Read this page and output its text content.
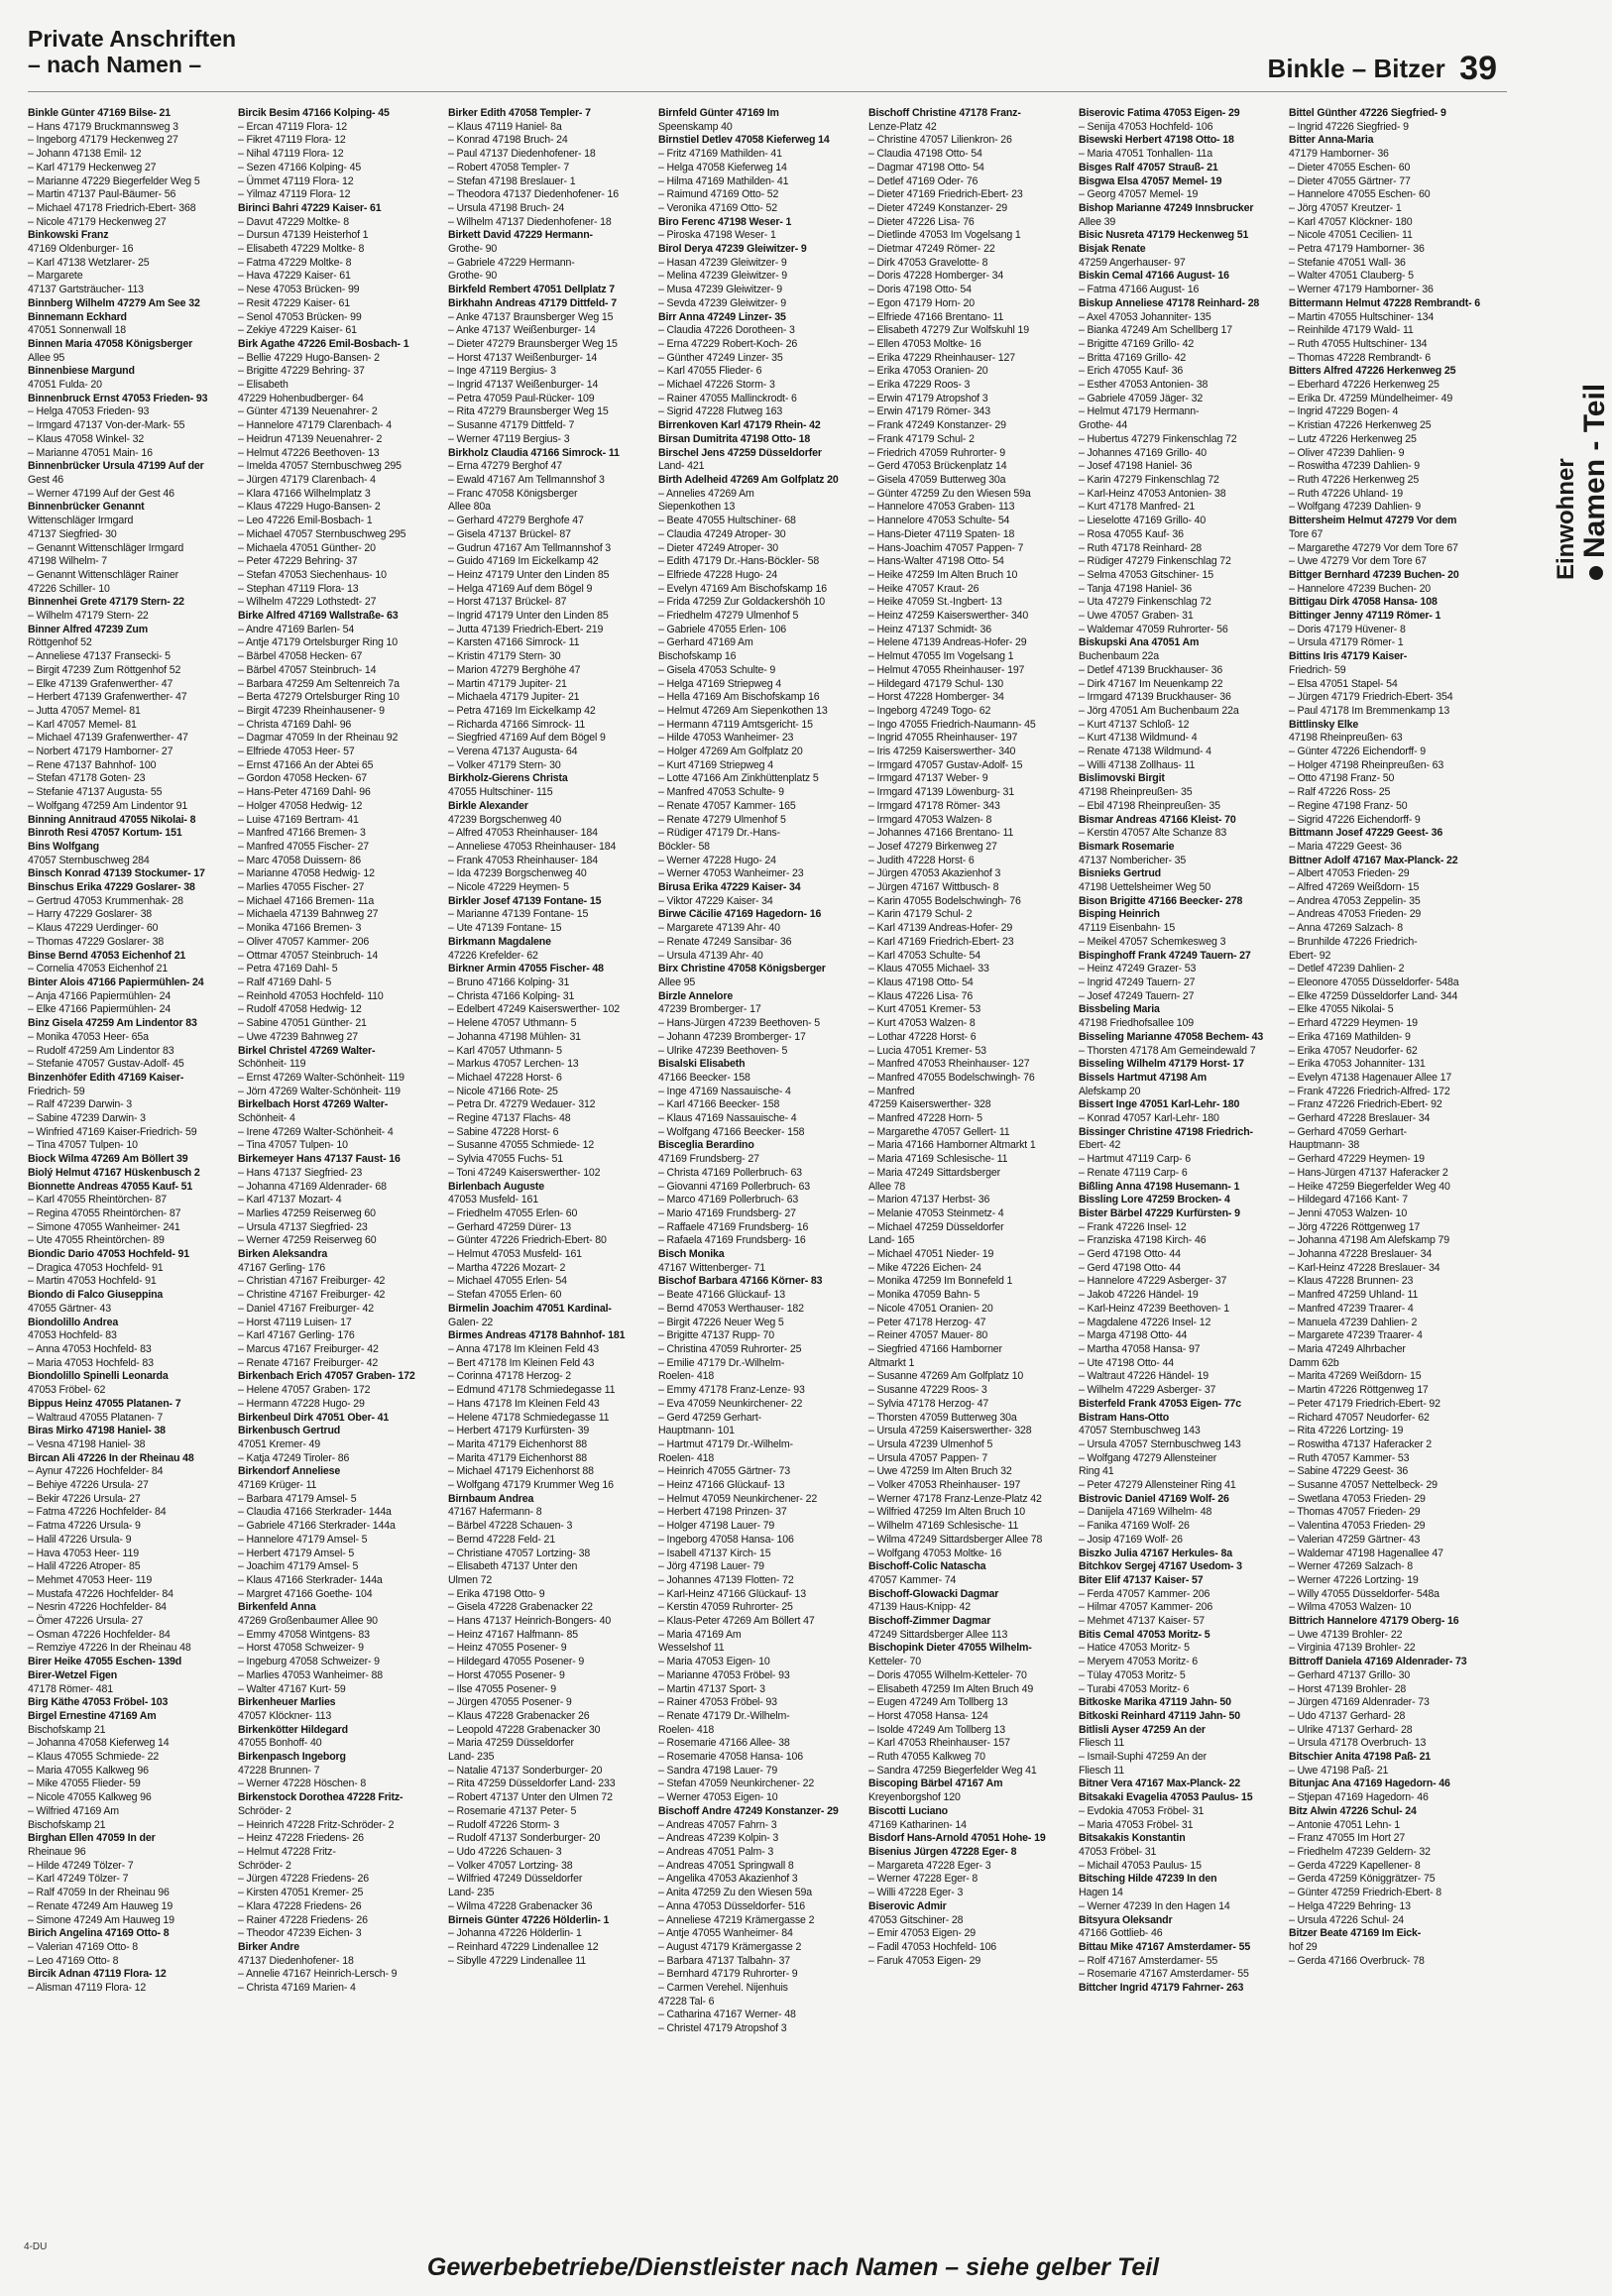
Private Anschriften
– nach Namen –	Binkle – Bitzer 39
Einwohner Namen - Teil
Binkle Günter 47169 Bilse- 21
– Hans 47179 Bruckmannsweg 3
– Ingeborg 47179 Heckenweg 27
– Johann 47138 Emil- 12
– Karl 47179 Heckenweg 27
– Marianne 47229 Biegerfelder Weg 5
– Martin 47137 Paul-Bäumer- 56
– Michael 47178 Friedrich-Ebert- 368
– Nicole 47179 Heckenweg 27
Binkowski Franz
47169 Oldenburger- 16
– Karl 47138 Wetzlarer- 25
– Margarete
47137 Gartsträucher- 113
Binnberg Wilhelm 47279 Am See 32
Binnemann Eckhard
47051 Sonnenwall 18
Binnen Maria 47058 Königsberger
Allee 95
Binnenbiese Margund
47051 Fulda- 20
Binnenbruck Ernst 47053 Frieden- 93
– Helga 47053 Frieden- 93
– Irmgard 47137 Von-der-Mark- 55
– Klaus 47058 Winkel- 32
– Marianne 47051 Main- 16
Binnenbrücker Ursula 47199 Auf der
Gest 46
– Werner 47199 Auf der Gest 46
Binnenbrücker Genannt
Wittenschläger Irmgard
47137 Siegfried- 30
– Genannt Wittenschläger Irmgard
47198 Wilhelm- 7
– Genannt Wittenschläger Rainer
47226 Schiller- 10
Binnenhei Grete 47179 Stern- 22
– Wilhelm 47179 Stern- 22
Binner Alfred 47239 Zum
Röttgenhof 52
– Anneliese 47137 Franseckі- 5
– Birgit 47239 Zum Röttgenhof 52
– Elke 47139 Grafenwerther- 47
– Herbert 47139 Grafenwerther- 47
– Jutta 47057 Memel- 81
– Karl 47057 Memel- 81
– Michael 47139 Grafenwerther- 47
– Norbert 47179 Hamborner- 27
– Rene 47137 Bahnhof- 100
– Stefan 47178 Goten- 23
– Stefanie 47137 Augusta- 55
– Wolfgang 47259 Am Lindentor 91
Binning Annitraud 47055 Nikolai- 8
Binroth Resi 47057 Kortum- 151
Bins Wolfgang
47057 Sternbuschweg 284
Binsch Konrad 47139 Stockumer- 17
Binschus Erika 47229 Goslarer- 38
– Gertrud 47053 Krummenhak- 28
– Harry 47229 Goslarer- 38
– Klaus 47229 Uerdinger- 60
– Thomas 47229 Goslarer- 38
Binse Bernd 47053 Eichenhof 21
– Cornelia 47053 Eichenhof 21
Binter Alois 47166 Papiermühlen- 24
– Anja 47166 Papiermühlen- 24
– Elke 47166 Papiermühlen- 24
Binz Gisela 47259 Am Lindentor 83
– Monika 47053 Heer- 65a
– Rudolf 47259 Am Lindentor 83
– Stefanie 47057 Gustav-Adolf- 45
Binzenhöfer Edith 47169 Kaiser-
Friedrich- 59
– Ralf 47239 Darwin- 3
– Sabine 47239 Darwin- 3
– Winfried 47169 Kaiser-Friedrich- 59
– Tina 47057 Tulpen- 10
Biock Wilma 47269 Am Böllert 39
Biolý Helmut 47167 Hüskenbusch 2
Bionnette Andreas 47055 Kauf- 51
– Karl 47055 Rheintörchen- 87
– Regina 47055 Rheintörchen- 87
– Simone 47055 Wanheimer- 241
– Ute 47055 Rheintörchen- 89
Biondic Dario 47053 Hochfeld- 91
– Dragica 47053 Hochfeld- 91
– Martin 47053 Hochfeld- 91
Biondo di Falco Giuseppina
47055 Gärtner- 43
Biondolillo Andrea
47053 Hochfeld- 83
– Anna 47053 Hochfeld- 83
– Maria 47053 Hochfeld- 83
Biondolillo Spinelli Leonarda
47053 Fröbel- 62
Bippus Heinz 47055 Platanen- 7
– Waltraud 47055 Platanen- 7
Biras Mirko 47198 Haniel- 38
– Vesna 47198 Haniel- 38
Bircan Ali 47226 In der Rheinau 48
– Aynur 47226 Hochfelder- 84
– Behiye 47226 Ursula- 27
– Bekir 47226 Ursula- 27
– Fatma 47226 Hochfelder- 84
– Fatma 47226 Ursula- 9
– Halil 47226 Ursula- 9
– Hava 47053 Heer- 119
– Halil 47226 Atroper- 85
– Mehmet 47053 Heer- 119
– Mustafa 47226 Hochfelder- 84
– Nesrin 47226 Hochfelder- 84
– Ömer 47226 Ursula- 27
– Osman 47226 Hochfelder- 84
– Remziye 47226 In der Rheinau 48
Birer Heike 47055 Eschen- 139d
Birer-Wetzel Figen
47178 Römer- 481
Birg Käthe 47053 Fröbel- 103
Birgel Ernestine 47169 Am
Bischofskamp 21
– Johanna 47058 Kieferweg 14
– Klaus 47055 Schmiede- 22
– Maria 47055 Kalkweg 96
– Mike 47055 Flieder- 59
– Nicole 47055 Kalkweg 96
– Wilfried 47169 Am
Bischofskamp 21
Birghan Ellen 47059 In der
Rheinaue 96
– Hilde 47249 Tölzer- 7
– Karl 47249 Tölzer- 7
– Ralf 47059 In der Rheinau 96
– Renate 47249 Am Hauweg 19
– Simone 47249 Am Hauweg 19
Birich Angelina 47169 Otto- 8
– Valerian 47169 Otto- 8
– Leo 47169 Otto- 8
Bircik Adnan 47119 Flora- 12
– Alisman 47119 Flora- 12
Bircik Besim 47166 Kolping- 45
– Ercan 47119 Flora- 12
– Fikret 47119 Flora- 12
– Nihal 47119 Flora- 12
– Sezen 47166 Kolping- 45
– Ümmet 47119 Flora- 12
– Yilmaz 47119 Flora- 12
Birinci Bahri 47229 Kaiser- 61
– Davut 47229 Moltke- 8
– Dursun 47139 Heisterhof 1
– Elisabeth 47229 Moltke- 8
– Fatma 47229 Moltke- 8
– Hava 47229 Kaiser- 61
– Nese 47053 Brücken- 99
– Resit 47229 Kaiser- 61
– Senol 47053 Brücken- 99
– Zekiye 47229 Kaiser- 61
Birk Agathe 47226 Emil-Bosbach- 1
– Bellie 47229 Hugo-Bansen- 2
– Brigitte 47229 Behring- 37
– Elisabeth
47229 Hohenbudberger- 64
– Günter 47139 Neuenahrer- 2
– Hannelore 47179 Clarenbach- 4
– Heidrun 47139 Neuenahrer- 2
– Helmut 47226 Beethoven- 13
– Imelda 47057 Sternbuschweg 295
– Jürgen 47179 Clarenbach- 4
– Klara 47166 Wilhelmplatz 3
– Klaus 47229 Hugo-Bansen- 2
– Leo 47226 Emil-Bosbach- 1
– Michael 47057 Sternbuschweg 295
– Michaela 47051 Günther- 20
– Peter 47229 Behring- 37
– Stefan 47053 Siechenhaus- 10
– Stephan 47119 Flora- 13
– Wilhelm 47229 Lothstedt- 27
Birke Alfred 47169 Wallstraße- 63
– Andre 47169 Barlen- 54
– Antje 47179 Ortelsburger Ring 10
– Bärbel 47058 Hecken- 67
– Bärbel 47057 Steinbruch- 14
– Barbara 47259 Am Seltenreich 7a
– Berta 47279 Ortelsburger Ring 10
– Birgit 47239 Rheinhausener- 9
– Christa 47169 Dahl- 96
– Dagmar 47059 In der Rheinau 92
– Elfriede 47053 Heer- 57
– Ernst 47166 An der Abtei 65
– Gordon 47058 Hecken- 67
– Hans-Peter 47169 Dahl- 96
– Holger 47058 Hedwig- 12
– Luise 47169 Bertram- 41
– Manfred 47166 Bremen- 3
– Manfred 47055 Fischer- 27
– Marc 47058 Duissern- 86
– Marianne 47058 Hedwig- 12
– Marlies 47055 Fischer- 27
– Michael 47166 Bremen- 11a
– Michaela 47139 Bahnweg 27
– Monika 47166 Bremen- 3
– Oliver 47057 Kammer- 206
– Ottmar 47057 Steinbruch- 14
– Petra 47169 Dahl- 5
– Ralf 47169 Dahl- 5
– Reinhold 47053 Hochfeld- 110
– Rudolf 47058 Hedwig- 12
– Sabine 47051 Günther- 21
– Uwe 47239 Bahnweg 27
Birkel Christel 47269 Walter-
Schönheit- 119
– Ernst 47269 Walter-Schönheit- 119
– Jörn 47269 Walter-Schönheit- 119
Birkelbach Horst 47269 Walter-
Schönheit- 4
– Irene 47269 Walter-Schönheit- 4
– Tina 47057 Tulpen- 10
Birkemeyer Hans 47137 Faust- 16
– Hans 47137 Siegfried- 23
– Johanna 47169 Aldenrader- 68
– Karl 47137 Mozart- 4
– Marlies 47259 Reiserweg 60
– Ursula 47137 Siegfried- 23
– Werner 47259 Reiserweg 60
Birken Aleksandra
47167 Gerling- 176
– Christian 47167 Freiburger- 42
– Christine 47167 Freiburger- 42
– Daniel 47167 Freiburger- 42
– Horst 47119 Luisen- 17
– Karl 47167 Gerling- 176
– Marcus 47167 Freiburger- 42
– Renate 47167 Freiburger- 42
Birkenbach Erich 47057 Graben- 172
– Helene 47057 Graben- 172
– Hermann 47228 Hugo- 29
Birkenbeul Dirk 47051 Ober- 41
Birkenbusch Gertrud
47051 Kremer- 49
– Katja 47249 Tiroler- 86
Birkendorf Anneliese
47169 Krüger- 11
– Barbara 47179 Amsel- 5
– Claudia 47166 Sterkrader- 144a
– Gabriele 47166 Sterkrader- 144a
– Hannelore 47179 Amsel- 5
– Herbert 47179 Amsel- 5
– Joachim 47179 Amsel- 5
– Klaus 47166 Sterkrader- 144a
– Margret 47166 Goethe- 104
Birkenfeld Anna
47269 Großenbaumer Allee 90
– Emmy 47058 Wintgens- 83
– Horst 47058 Schweizer- 9
– Ingeburg 47058 Schweizer- 9
– Marlies 47053 Wanheimer- 88
– Walter 47167 Kurt- 59
Birkenheuer Marlies
47057 Klöckner- 113
Birkenkötter Hildegard
47055 Bonhoff- 40
Birkenpasch Ingeborg
47228 Brunnen- 7
– Werner 47228 Höschen- 8
Birkenstock Dorothea 47228 Fritz-
Schröder- 2
– Heinrich 47228 Fritz-Schröder- 2
– Heinz 47228 Friedens- 26
– Helmut 47228 Fritz-
Schröder- 2
– Jürgen 47228 Friedens- 26
– Kirsten 47051 Kremer- 25
– Klara 47228 Friedens- 26
– Rainer 47228 Friedens- 26
– Theodor 47239 Eichen- 3
Birker Andre
47137 Diedenhofener- 18
– Annelie 47167 Heinrich-Lersch- 9
– Christa 47169 Marien- 4
Birker Edith 47058 Templer- 7
– Klaus 47119 Haniel- 8a
– Konrad 47198 Bruch- 24
– Paul 47137 Diedenhofener- 18
– Robert 47058 Templer- 7
– Stefan 47198 Breslauer- 1
– Theodora 47137 Diedenhofener- 16
– Ursula 47198 Bruch- 24
– Wilhelm 47137 Diedenhofener- 18
Birkett David 47229 Hermann-
Grothe- 90
– Gabriele 47229 Hermann-
Grothe- 90
Birkfeld Rembert 47051 Dellplatz 7
Birkhahn Andreas 47179 Dittfeld- 7
– Anke 47137 Braunsberger Weg 15
– Anke 47137 Weißenburger- 14
– Dieter 47279 Braunsberger Weg 15
– Horst 47137 Weißenburger- 14
– Inge 47119 Bergius- 3
– Ingrid 47137 Weißenburger- 14
– Petra 47059 Paul-Rücker- 109
– Rita 47279 Braunsberger Weg 15
– Susanne 47179 Dittfeld- 7
– Werner 47119 Bergius- 3
Birkholz Claudia 47166 Simrock- 11
– Erna 47279 Berghof 47
– Ewald 47167 Am Tellmannshof 3
– Franc 47058 Königsberger
Allee 80a
– Gerhard 47279 Berghofe 47
– Gisela 47137 Brückel- 87
– Gudrun 47167 Am Tellmannshof 3
– Guido 47169 Im Eickelkamp 42
– Heinz 47179 Unter den Linden 85
– Helga 47169 Auf dem Bögel 9
– Horst 47137 Brückel- 87
– Ingrid 47179 Unter den Linden 85
– Jutta 47139 Friedrich-Ebert- 219
– Karsten 47166 Simrock- 11
– Kristin 47179 Stern- 30
– Marion 47279 Berghöhe 47
– Martin 47179 Jupiter- 21
– Michaela 47179 Jupiter- 21
– Petra 47169 Im Eickelkamp 42
– Richarda 47166 Simrock- 11
– Siegfried 47169 Auf dem Bögel 9
– Verena 47137 Augusta- 64
– Volker 47179 Stern- 30
Birkholz-Gierens Christa
47055 Hultschiner- 115
Birkle Alexander
47239 Borgschenweg 40
– Alfred 47053 Rheinhauser- 184
– Anneliese 47053 Rheinhauser- 184
– Frank 47053 Rheinhauser- 184
– Ida 47239 Borgschenweg 40
– Nicole 47229 Heymen- 5
Birkler Josef 47139 Fontane- 15
– Marianne 47139 Fontane- 15
– Ute 47139 Fontane- 15
Birkmann Magdalene
47226 Krefelder- 62
Birkner Armin 47055 Fischer- 48
– Bruno 47166 Kolping- 31
– Christa 47166 Kolping- 31
– Edelbert 47249 Kaiserswerther- 102
– Helene 47057 Uthmann- 5
– Johanna 47198 Mühlen- 31
– Karl 47057 Uthmann- 5
– Markus 47057 Lerchen- 13
– Michael 47228 Horst- 6
– Nicole 47166 Rote- 25
– Petra Dr. 47279 Wedauer- 312
– Regine 47137 Flachs- 48
– Sabine 47228 Horst- 6
– Susanne 47055 Schmiede- 12
– Sylvia 47055 Fuchs- 51
– Toni 47249 Kaiserswerther- 102
Birlenbach Auguste
47053 Musfeld- 161
– Friedhelm 47055 Erlen- 60
– Gerhard 47259 Dürer- 13
– Günter 47226 Friedrich-Ebert- 80
– Helmut 47053 Musfeld- 161
– Martha 47226 Mozart- 2
– Michael 47055 Erlen- 54
– Stefan 47055 Erlen- 60
Birmelin Joachim 47051 Kardinal-
Galen- 22
Birmes Andreas 47178 Bahnhof- 181
– Anna 47178 Im Kleinen Feld 43
– Bert 47178 Im Kleinen Feld 43
– Corinna 47178 Herzog- 2
– Edmund 47178 Schmiedegasse 11
– Hans 47178 Im Kleinen Feld 43
– Helene 47178 Schmiedegasse 11
– Herbert 47179 Kurfürsten- 39
– Marita 47179 Eichenhorst 88
– Marita 47179 Eichenhorst 88
– Michael 47179 Eichenhorst 88
– Wolfgang 47179 Krummer Weg 16
Birnbaum Andrea
47167 Hafermann- 8
– Bärbel 47228 Schauen- 3
– Bernd 47228 Feld- 21
– Christiane 47057 Lortzing- 38
– Elisabeth 47137 Unter den
Ulmen 72
– Erika 47198 Otto- 9
– Gisela 47228 Grabenacker 22
– Hans 47137 Heinrich-Bongers- 40
– Heinz 47167 Halfmann- 85
– Heinz 47055 Posener- 9
– Hildegard 47055 Posener- 9
– Horst 47055 Posener- 9
– Ilse 47055 Posener- 9
– Jürgen 47055 Posener- 9
– Klaus 47228 Grabenacker 26
– Leopold 47228 Grabenacker 30
– Maria 47259 Düsseldorfer
Land- 235
– Natalie 47137 Sonderburger- 20
– Rita 47259 Düsseldorfer Land- 233
– Robert 47137 Unter den Ulmen 72
– Rosemarie 47137 Peter- 5
– Rudolf 47226 Storm- 3
– Rudolf 47137 Sonderburger- 20
– Udo 47226 Schauen- 3
– Volker 47057 Lortzing- 38
– Wilfried 47249 Düsseldorfer
Land- 235
– Wilma 47228 Grabenacker 36
Birneis Günter 47226 Hölderlin- 1
– Johanna 47226 Hölderlin- 1
– Reinhard 47229 Lindenallee 12
– Sibylle 47229 Lindenallee 11
Birnfeld Günter 47169 Im
Speenskamp 40
Birnstiel Detlev 47058 Kieferweg 14
– Fritz 47169 Mathilden- 41
– Helga 47058 Kieferweg 14
– Hilma 47169 Mathilden- 41
– Raimund 47169 Otto- 52
– Veronika 47169 Otto- 52
Biro Ferenc 47198 Weser- 1
– Piroska 47198 Weser- 1
Birol Derya 47239 Gleiwitzer- 9
– Hasan 47239 Gleiwitzer- 9
– Melina 47239 Gleiwitzer- 9
– Musa 47239 Gleiwitzer- 9
– Sevda 47239 Gleiwitzer- 9
Birr Anna 47249 Linzer- 35
– Claudia 47226 Dorotheen- 3
– Erna 47229 Robert-Koch- 26
– Günther 47249 Linzer- 35
– Karl 47055 Flieder- 6
– Michael 47226 Storm- 3
– Rainer 47055 Mallinckrodt- 6
– Sigrid 47228 Flutweg 163
Birrenkoven Karl 47179 Rhein- 42
Birsan Dumitrita 47198 Otto- 18
Birschel Jens 47259 Düsseldorfer
Land- 421
Birth Adelheid 47269 Am Golfplatz 20
– Annelies 47269 Am
Siepenkothen 13
– Beate 47055 Hultschiner- 68
– Claudia 47249 Atroper- 30
– Dieter 47249 Atroper- 30
– Edith 47179 Dr.-Hans-Böckler- 58
– Elfriede 47228 Hugo- 24
– Evelyn 47169 Am Bischofskamp 16
– Frida 47259 Zur Goldackershöh 10
– Friedhelm 47279 Ulmenhof 5
– Gabriele 47055 Erlen- 106
– Gerhard 47169 Am
Bischofskamp 16
– Gisela 47053 Schulte- 9
– Helga 47169 Striepweg 4
– Hella 47169 Am Bischofskamp 16
– Helmut 47269 Am Siepenkothen 13
– Hermann 47119 Amtsgericht- 15
– Hilde 47053 Wanheimer- 23
– Holger 47269 Am Golfplatz 20
– Kurt 47169 Striepweg 4
– Lotte 47166 Am Zinkhüttenplatz 5
– Manfred 47053 Schulte- 9
– Renate 47057 Kammer- 165
– Renate 47279 Ulmenhof 5
– Rüdiger 47179 Dr.-Hans-
Böckler- 58
– Werner 47228 Hugo- 24
– Werner 47053 Wanheimer- 23
Birusa Erika 47229 Kaiser- 34
– Viktor 47229 Kaiser- 34
Birwe Cäcilie 47169 Hagedorn- 16
– Margarete 47139 Ahr- 40
– Renate 47249 Sansibar- 36
– Ursula 47139 Ahr- 40
Birx Christine 47058 Königsberger
Allee 95
Birzle Annelore
47239 Bromberger- 17
– Hans-Jürgen 47239 Beethoven- 5
– Johann 47239 Bromberger- 17
– Ulrike 47239 Beethoven- 5
Bisalski Elisabeth
47166 Beecker- 158
– Inge 47169 Nassauische- 4
– Karl 47166 Beecker- 158
– Klaus 47169 Nassauische- 4
– Wolfgang 47166 Beecker- 158
Bisceglia Berardino
47169 Frundsberg- 27
– Christa 47169 Pollerbruch- 63
– Giovanni 47169 Pollerbruch- 63
– Marco 47169 Pollerbruch- 63
– Mario 47169 Frundsberg- 27
– Raffaele 47169 Frundsberg- 16
– Rafaela 47169 Frundsberg- 16
Bisch Monika
47167 Wittenberger- 71
Bischof Barbara 47166 Körner- 83
– Beate 47166 Glückauf- 13
– Bernd 47053 Werthauser- 182
– Birgit 47226 Neuer Weg 5
– Brigitte 47137 Rupp- 70
– Christina 47059 Ruhrorter- 25
– Emilie 47179 Dr.-Wilhelm-
Roelen- 418
– Emmy 47178 Franz-Lenze- 93
– Eva 47059 Neunkirchener- 22
– Gerd 47259 Gerhart-
Hauptmann- 101
– Hartmut 47179 Dr.-Wilhelm-
Roelen- 418
– Heinrich 47055 Gärtner- 73
– Heinz 47166 Glückauf- 13
– Helmut 47059 Neunkirchener- 22
– Herbert 47198 Prinzen- 37
– Holger 47198 Lauer- 79
– Ingeborg 47058 Hansa- 106
– Isabell 47137 Kirch- 15
– Jörg 47198 Lauer- 79
– Johannes 47139 Flotten- 72
– Karl-Heinz 47166 Glückauf- 13
– Kerstin 47059 Ruhrorter- 25
– Klaus-Peter 47269 Am Böllert 47
– Maria 47169 Am
Wesselshof 11
– Maria 47053 Eigen- 10
– Marianne 47053 Fröbel- 93
– Martin 47137 Sport- 3
– Rainer 47053 Fröbel- 93
– Renate 47179 Dr.-Wilhelm-
Roelen- 418
– Rosemarie 47166 Allee- 38
– Rosemarie 47058 Hansa- 106
– Sandra 47198 Lauer- 79
– Stefan 47059 Neunkirchener- 22
– Werner 47053 Eigen- 10
Bischoff Andre 47249 Konstanzer- 29
– Andreas 47057 Fahrn- 3
– Andreas 47239 Kolpin- 3
– Andreas 47051 Palm- 3
– Andreas 47051 Springwall 8
– Angelika 47053 Akazienhof 3
– Anita 47259 Zu den Wiesen 59a
– Anna 47053 Düsseldorfer- 516
– Anneliese 47219 Krämergasse 2
– Antje 47055 Wanheimer- 84
– August 47179 Krämergasse 2
– Barbara 47137 Talbahn- 37
– Bernhard 47179 Ruhrorter- 9
– Carmen Verehel. Nijenhuis
47228 Tal- 6
– Catharina 47167 Werner- 48
– Christel 47179 Atropshof 3
Bischoff Christine 47178 Franz-
Lenze-Platz 42
– Christine 47057 Lilienkron- 26
– Claudia 47198 Otto- 54
– Dagmar 47198 Otto- 54
– Detlef 47169 Oder- 76
– Dieter 47169 Friedrich-Ebert- 23
– Dieter 47249 Konstanzer- 29
– Dieter 47226 Lisa- 76
– Dietlinde 47053 Im Vogelsang 1
– Dietmar 47249 Römer- 22
– Dirk 47053 Gravelotte- 8
– Doris 47228 Homberger- 34
– Doris 47198 Otto- 54
– Egon 47179 Horn- 20
– Elfriede 47166 Brentano- 11
– Elisabeth 47279 Zur Wolfskuhl 19
– Ellen 47053 Moltke- 16
– Erika 47229 Rheinhauser- 127
– Erika 47053 Oranien- 20
– Erika 47229 Roos- 3
– Erwin 47179 Atropshof 3
– Erwin 47179 Römer- 343
– Frank 47249 Konstanzer- 29
– Frank 47179 Schul- 2
– Friedrich 47059 Ruhrorter- 9
– Gerd 47053 Brückenplatz 14
– Gisela 47059 Butterweg 30a
– Günter 47259 Zu den Wiesen 59a
– Hannelore 47053 Graben- 113
– Hannelore 47053 Schulte- 54
– Hans-Dieter 47119 Spaten- 18
– Hans-Joachim 47057 Pappen- 7
– Hans-Walter 47198 Otto- 54
– Heike 47259 Im Alten Bruch 10
– Heike 47057 Kraut- 26
– Heike 47059 St.-Ingbert- 13
– Heinz 47259 Kaiserswerther- 340
– Heinz 47137 Schmidt- 36
– Helene 47139 Andreas-Hofer- 29
– Helmut 47055 Im Vogelsang 1
– Helmut 47055 Rheinhauser- 197
– Hildegard 47179 Schul- 130
– Horst 47228 Homberger- 34
– Ingeborg 47249 Togo- 62
– Ingo 47055 Friedrich-Naumann- 45
– Ingrid 47055 Rheinhauser- 197
– Iris 47259 Kaiserswerther- 340
– Irmgard 47057 Gustav-Adolf- 15
– Irmgard 47137 Weber- 9
– Irmgard 47139 Löwenburg- 31
– Irmgard 47178 Römer- 343
– Irmgard 47053 Walzen- 8
– Johannes 47166 Brentano- 11
– Josef 47279 Birkenweg 27
– Judith 47228 Horst- 6
– Jürgen 47053 Akazienhof 3
– Jürgen 47167 Wittbusch- 8
– Karin 47055 Bodelschwingh- 76
– Karin 47179 Schul- 2
– Karl 47139 Andreas-Hofer- 29
– Karl 47169 Friedrich-Ebert- 23
– Karl 47053 Schulte- 54
– Klaus 47055 Michael- 33
– Klaus 47198 Otto- 54
– Klaus 47226 Lisa- 76
– Kurt 47051 Kremer- 53
– Kurt 47053 Walzen- 8
– Lothar 47228 Horst- 6
– Lucia 47051 Kremer- 53
– Manfred 47053 Rheinhauser- 127
– Manfred 47055 Bodelschwingh- 76
– Manfred
47259 Kaiserswerther- 328
– Manfred 47228 Horn- 5
– Margarethe 47057 Gellert- 11
– Maria 47166 Hamborner Altmarkt 1
– Maria 47169 Schlesische- 11
– Maria 47249 Sittardsberger
Allee 78
– Marion 47137 Herbst- 36
– Melanie 47053 Steinmetz- 4
– Michael 47259 Düsseldorfer
Land- 165
– Michael 47051 Nieder- 19
– Mike 47226 Eichen- 24
– Monika 47259 Im Bonnefeld 1
– Monika 47059 Bahn- 5
– Nicole 47051 Oranien- 20
– Peter 47178 Herzog- 47
– Reiner 47057 Mauer- 80
– Siegfried 47166 Hamborner
Altmarkt 1
– Susanne 47269 Am Golfplatz 10
– Susanne 47229 Roos- 3
– Sylvia 47178 Herzog- 47
– Thorsten 47059 Butterweg 30a
– Ursula 47259 Kaiserswerther- 328
– Ursula 47239 Ulmenhof 5
– Ursula 47057 Pappen- 7
– Uwe 47259 Im Alten Bruch 32
– Volker 47053 Rheinhauser- 197
– Werner 47178 Franz-Lenze-Platz 42
– Wilfried 47259 Im Alten Bruch 10
– Wilhelm 47169 Schlesische- 11
– Wilma 47249 Sittardsberger Allee 78
– Wolfgang 47053 Moltke- 16
Bischoff-Colic Natascha
47057 Kammer- 74
Bischoff-Glowacki Dagmar
47139 Haus-Knipp- 42
Bischoff-Zimmer Dagmar
47249 Sittardsberger Allee 113
Bischopink Dieter 47055 Wilhelm-
Ketteler- 70
– Doris 47055 Wilhelm-Ketteler- 70
– Elisabeth 47259 Im Alten Bruch 49
– Eugen 47249 Am Tollberg 13
– Horst 47058 Hansa- 124
– Isolde 47249 Am Tollberg 13
– Karl 47053 Rheinhauser- 157
– Ruth 47055 Kalkweg 70
– Sandra 47259 Biegerfelder Weg 41
Biscoping Bärbel 47167 Am
Kreyenborgshof 120
Biscotti Luciano
47169 Katharinen- 14
Bisdorf Hans-Arnold 47051 Hohe- 19
Bisenius Jürgen 47228 Eger- 8
– Margareta 47228 Eger- 3
– Werner 47228 Eger- 8
– Willi 47228 Eger- 3
Biserovic Admir
47053 Gitschiner- 28
– Emir 47053 Eigen- 29
– Fadil 47053 Hochfeld- 106
– Faruk 47053 Eigen- 29
Biserovic Fatima 47053 Eigen- 29
– Senija 47053 Hochfeld- 106
Bisewski Herbert 47198 Otto- 18
– Maria 47051 Tonhallen- 11a
Bisges Ralf 47057 Strauß- 21
Bisgwa Elsa 47057 Memel- 19
– Georg 47057 Memel- 19
Bishop Marianne 47249 Innsbrucker
Allee 39
Bisic Nusreta 47179 Heckenweg 51
Bisjak Renate
47259 Angerhauser- 97
Biskin Cemal 47166 August- 16
– Fatma 47166 August- 16
Biskup Anneliese 47178 Reinhard- 28
– Axel 47053 Johanniter- 135
– Bianka 47249 Am Schellberg 17
– Brigitte 47169 Grillo- 42
– Britta 47169 Grillo- 42
– Erich 47055 Kauf- 36
– Esther 47053 Antonien- 38
– Gabriele 47059 Jäger- 32
– Helmut 47179 Hermann-
Grothe- 44
– Hubertus 47279 Finkenschlag 72
– Johannes 47169 Grillo- 40
– Josef 47198 Haniel- 36
– Karin 47279 Finkenschlag 72
– Karl-Heinz 47053 Antonien- 38
– Kurt 47178 Manfred- 21
– Lieselotte 47169 Grillo- 40
– Rosa 47055 Kauf- 36
– Ruth 47178 Reinhard- 28
– Rüdiger 47279 Finkenschlag 72
– Selma 47053 Gitschiner- 15
– Tanja 47198 Haniel- 36
– Uta 47279 Finkenschlag 72
– Uwe 47057 Graben- 31
– Waldemar 47059 Ruhrorter- 56
Biskupski Ana 47051 Am
Buchenbaum 22a
– Detlef 47139 Bruckhauser- 36
– Dirk 47167 Im Neuenkamp 22
– Irmgard 47139 Bruckhauser- 36
– Jörg 47051 Am Buchenbaum 22a
– Kurt 47137 Schloß- 12
– Kurt 47138 Wildmund- 4
– Renate 47138 Wildmund- 4
– Willi 47138 Zollhaus- 11
Bislimovski Birgit
47198 Rheinpreußen- 35
– Ebil 47198 Rheinpreußen- 35
Bismar Andreas 47166 Kleist- 70
– Kerstin 47057 Alte Schanze 83
Bismark Rosemarie
47137 Nombericher- 35
Bisnieks Gertrud
47198 Uettelsheimer Weg 50
Bison Brigitte 47166 Beecker- 278
Bisping Heinrich
47119 Eisenbahn- 15
– Meikel 47057 Schemkesweg 3
Bispinghoff Frank 47249 Tauern- 27
– Heinz 47249 Grazer- 53
– Ingrid 47249 Tauern- 27
– Josef 47249 Tauern- 27
Bissbeling Maria
47198 Friedhofsallee 109
Bisseling Marianne 47058 Bechem- 43
– Thorsten 47178 Am Gemeindewald 7
Bisseling Wilhelm 47179 Horst- 17
Bissels Hartmut 47198 Am
Alefskamp 20
Bissert Inge 47051 Karl-Lehr- 180
– Konrad 47057 Karl-Lehr- 180
Bissinger Christine 47198 Friedrich-
Ebert- 42
– Hartmut 47119 Carp- 6
– Renate 47119 Carp- 6
Bißling Anna 47198 Husemann- 1
Bissling Lore 47259 Brocken- 4
Bister Bärbel 47229 Kurfürsten- 9
– Frank 47226 Insel- 12
– Franziska 47198 Kirch- 46
– Gerd 47198 Otto- 44
– Gerd 47198 Otto- 44
– Hannelore 47229 Asberger- 37
– Jakob 47226 Händel- 19
– Karl-Heinz 47239 Beethoven- 1
– Magdalene 47226 Insel- 12
– Marga 47198 Otto- 44
– Martha 47058 Hansa- 97
– Ute 47198 Otto- 44
– Waltraut 47226 Händel- 19
– Wilhelm 47229 Asberger- 37
Bisterfeld Frank 47053 Eigen- 77c
Bistram Hans-Otto
47057 Sternbuschweg 143
– Ursula 47057 Sternbuschweg 143
– Wolfgang 47279 Allensteiner
Ring 41
– Peter 47279 Allensteiner Ring 41
Bistrovic Daniel 47169 Wolf- 26
– Danijela 47169 Wilhelm- 48
– Fanika 47169 Wolf- 26
– Josip 47169 Wolf- 26
Biszko Julia 47167 Herkules- 8a
Bitchkov Sergej 47167 Usedom- 3
Biter Elif 47137 Kaiser- 57
– Ferda 47057 Kammer- 206
– Hilmar 47057 Kammer- 206
– Mehmet 47137 Kaiser- 57
Bitis Cemal 47053 Moritz- 5
– Hatice 47053 Moritz- 5
– Meryem 47053 Moritz- 6
– Tülay 47053 Moritz- 5
– Turabi 47053 Moritz- 6
Bitkoske Marika 47119 Jahn- 50
Bitkoski Reinhard 47119 Jahn- 50
Bitlisli Ayser 47259 An der
Fliesch 11
– Ismail-Suphi 47259 An der
Fliesch 11
Bitner Vera 47167 Max-Planck- 22
Bitsakaki Evagelia 47053 Paulus- 15
– Evdokia 47053 Fröbel- 31
– Maria 47053 Fröbel- 31
Bitsakakis Konstantin
47053 Fröbel- 31
– Michail 47053 Paulus- 15
Bitsching Hilde 47239 In den
Hagen 14
– Werner 47239 In den Hagen 14
Bitsyura Oleksandr
47166 Gottlieb- 46
Bittau Mike 47167 Amsterdamer- 55
– Rolf 47167 Amsterdamer- 55
– Rosemarie 47167 Amsterdamer- 55
Bittcher Ingrid 47179 Fahrner- 263
Bittel Günther 47226 Siegfried- 9
– Ingrid 47226 Siegfried- 9
Bitter Anna-Maria
47179 Hamborner- 36
– Dieter 47055 Eschen- 60
– Dieter 47055 Gärtner- 77
– Hannelore 47055 Eschen- 60
– Jörg 47057 Kreutzer- 1
– Karl 47057 Klöckner- 180
– Nicole 47051 Cecilien- 11
– Petra 47179 Hamborner- 36
– Stefanie 47051 Wall- 36
– Walter 47051 Clauberg- 5
– Werner 47179 Hamborner- 36
Bittermann Helmut 47228 Rembrandt- 6
– Martin 47055 Hultschiner- 134
– Reinhilde 47179 Wald- 11
– Ruth 47055 Hultschiner- 134
– Thomas 47228 Rembrandt- 6
Bitters Alfred 47226 Herkenweg 25
– Eberhard 47226 Herkenweg 25
– Erika Dr. 47259 Mündelheimer- 49
– Ingrid 47229 Bogen- 4
– Kristian 47226 Herkenweg 25
– Lutz 47226 Herkenweg 25
– Oliver 47239 Dahlien- 9
– Roswitha 47239 Dahlien- 9
– Ruth 47226 Herkenweg 25
– Ruth 47226 Uhland- 19
– Wolfgang 47239 Dahlien- 9
Bittersheim Helmut 47279 Vor dem
Tore 67
– Margarethe 47279 Vor dem Tore 67
– Uwe 47279 Vor dem Tore 67
Bittger Bernhard 47239 Buchen- 20
– Hannelore 47239 Buchen- 20
Bittigau Dirk 47058 Hansa- 108
Bittinger Jenny 47119 Römer- 1
– Doris 47179 Hüvener- 8
– Ursula 47179 Römer- 1
Bittins Iris 47179 Kaiser-
Friedrich- 59
– Elsa 47051 Stapel- 54
– Jürgen 47179 Friedrich-Ebert- 354
– Paul 47178 Im Bremmenkamp 13
Bittlinsky Elke
47198 Rheinpreußen- 63
– Günter 47226 Eichendorff- 9
– Holger 47198 Rheinpreußen- 63
– Otto 47198 Franz- 50
– Ralf 47226 Ross- 25
– Regine 47198 Franz- 50
– Sigrid 47226 Eichendorff- 9
Bittmann Josef 47229 Geest- 36
– Maria 47229 Geest- 36
Bittner Adolf 47167 Max-Planck- 22
– Albert 47053 Frieden- 29
– Alfred 47269 Weißdorn- 15
– Andrea 47053 Zeppelin- 35
– Andreas 47053 Frieden- 29
– Anna 47269 Salzach- 8
– Brunhilde 47226 Friedrich-
Ebert- 92
– Detlef 47239 Dahlien- 2
– Eleonore 47055 Düsseldorfer- 548a
– Elke 47259 Düsseldorfer Land- 344
– Elke 47055 Nikolai- 5
– Erhard 47229 Heymen- 19
– Erika 47169 Mathilden- 9
– Erika 47057 Neudorfer- 62
– Erika 47053 Johanniter- 131
– Evelyn 47138 Hagenauer Allee 17
– Frank 47226 Friedrich-Alfred- 172
– Franz 47226 Friedrich-Ebert- 92
– Gerhard 47228 Breslauer- 34
– Gerhard 47059 Gerhart-
Hauptmann- 38
– Gerhard 47229 Heymen- 19
– Hans-Jürgen 47137 Haferacker 2
– Heike 47259 Biegerfelder Weg 40
– Hildegard 47166 Kant- 7
– Jenni 47053 Walzen- 10
– Jörg 47226 Röttgenweg 17
– Johanna 47198 Am Alefskamp 79
– Johanna 47228 Breslauer- 34
– Karl-Heinz 47228 Breslauer- 34
– Klaus 47228 Brunnen- 23
– Manfred 47259 Uhland- 11
– Manfred 47239 Traarer- 4
– Manuela 47239 Dahlien- 2
– Margarete 47239 Traarer- 4
– Maria 47249 Alhrbacher
Damm 62b
– Marita 47269 Weißdorn- 15
– Martin 47226 Röttgenweg 17
– Peter 47179 Friedrich-Ebert- 92
– Richard 47057 Neudorfer- 62
– Rita 47226 Lortzing- 19
– Roswitha 47137 Haferacker 2
– Ruth 47057 Kammer- 53
– Sabine 47229 Geest- 36
– Susanne 47057 Nettelbeck- 29
– Swetlana 47053 Frieden- 29
– Thomas 47057 Frieden- 29
– Valentina 47053 Frieden- 29
– Valerian 47259 Gärtner- 43
– Waldemar 47198 Hagenallee 47
– Werner 47269 Salzach- 8
– Werner 47226 Lortzing- 19
– Willy 47055 Düsseldorfer- 548a
– Wilma 47053 Walzen- 10
Bittrich Hannelore 47179 Oberg- 16
– Uwe 47139 Brohler- 22
– Virginia 47139 Brohler- 22
Bittroff Daniela 47169 Aldenrader- 73
– Gerhard 47137 Grillo- 30
– Horst 47139 Brohler- 28
– Jürgen 47169 Aldenrader- 73
– Udo 47137 Gerhard- 28
– Ulrike 47137 Gerhard- 28
– Ursula 47178 Overbruch- 13
Bitschier Anita 47198 Paß- 21
– Uwe 47198 Paß- 21
Bitunjac Ana 47169 Hagedorn- 46
– Stjepan 47169 Hagedorn- 46
Bitz Alwin 47226 Schul- 24
– Antonie 47051 Lehn- 1
– Franz 47055 Im Hort 27
– Friedhelm 47239 Geldern- 32
– Gerda 47229 Kapellener- 8
– Gerda 47259 Königgrätzer- 75
– Günter 47259 Friedrich-Ebert- 8
– Helga 47229 Behring- 13
– Ursula 47226 Schul- 24
Bitzer Beate 47169 Im Eick-
hof 29
– Gerda 47166 Overbruck- 78
4-DU
Gewerbebetriebe/Dienstleister nach Namen – siehe gelber Teil
